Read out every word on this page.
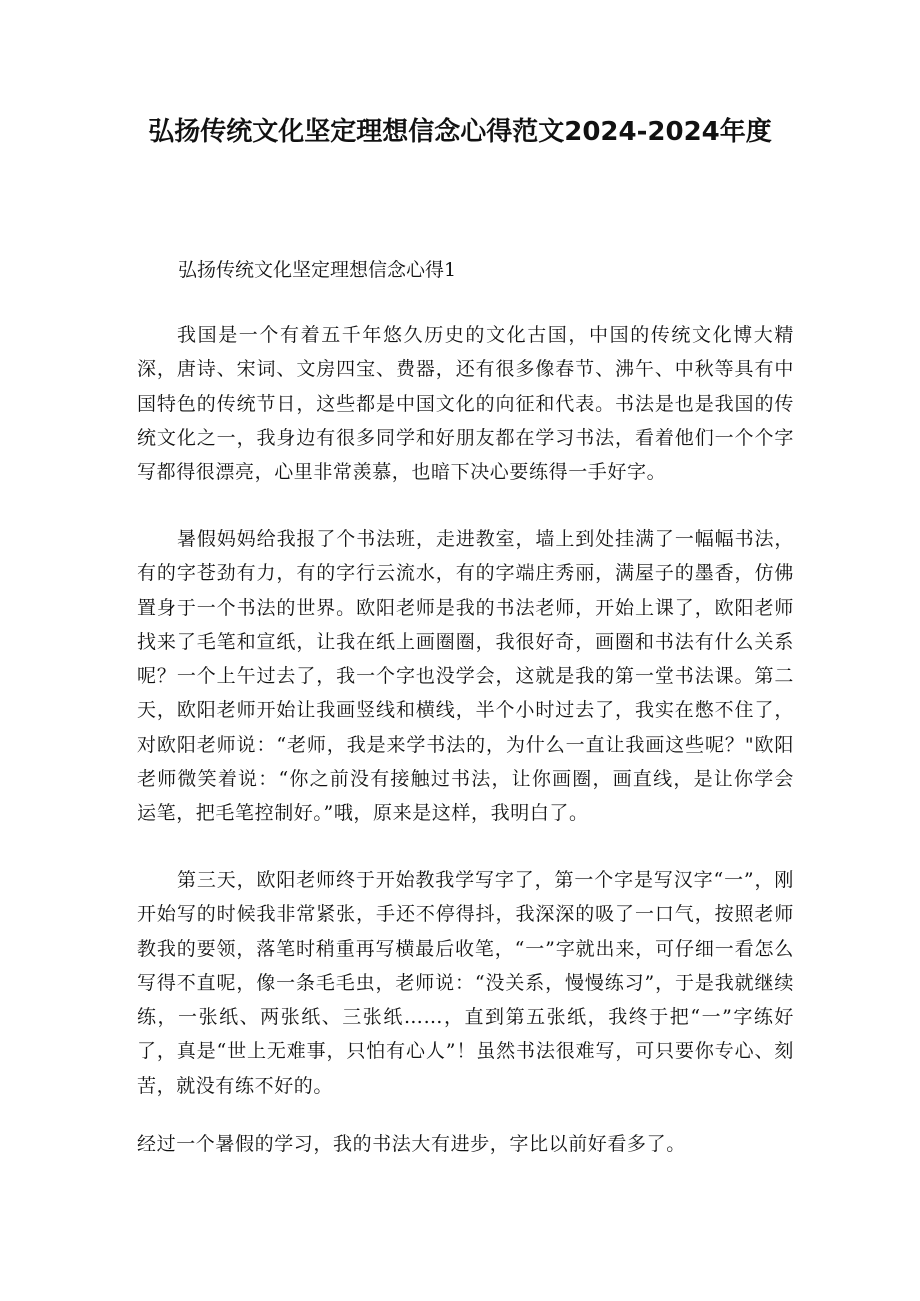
弘扬传统文化坚定理想信念心得范文2024-2024年度

弘扬传统文化坚定理想信念心得1

我国是一个有着五千年悠久历史的文化古国，中国的传统文化博大精深，唐诗、宋词、文房四宝、费器，还有很多像春节、沸午、中秋等具有中国特色的传统节日，这些都是中国文化的向征和代表。书法是也是我国的传统文化之一，我身边有很多同学和好朋友都在学习书法，看着他们一个个字写都得很漂亮，心里非常羡慕，也暗下决心要练得一手好字。

暑假妈妈给我报了个书法班，走进教室，墙上到处挂满了一幅幅书法，有的字苍劲有力，有的字行云流水，有的字端庄秀丽，满屋子的墨香，仿佛置身于一个书法的世界。欧阳老师是我的书法老师，开始上课了，欧阳老师找来了毛笔和宣纸，让我在纸上画圈圈，我很好奇，画圈和书法有什么关系呢？一个上午过去了，我一个字也没学会，这就是我的第一堂书法课。第二天，欧阳老师开始让我画竖线和横线，半个小时过去了，我实在憋不住了，对欧阳老师说：“老师，我是来学书法的，为什么一直让我画这些呢？"欧阳老师微笑着说：“你之前没有接触过书法，让你画圈，画直线，是让你学会运笔，把毛笔控制好。”哦，原来是这样，我明白了。

第三天，欧阳老师终于开始教我学写字了，第一个字是写汉字“一”，刚开始写的时候我非常紧张，手还不停得抖，我深深的吸了一口气，按照老师教我的要领，落笔时稍重再写横最后收笔，“一”字就出来，可仔细一看怎么写得不直呢，像一条毛毛虫，老师说：“没关系，慢慢练习”，于是我就继续练，一张纸、两张纸、三张纸……，直到第五张纸，我终于把“一”字练好了，真是“世上无难事，只怕有心人”！虽然书法很难写，可只要你专心、刻苦，就没有练不好的。

经过一个暑假的学习，我的书法大有进步，字比以前好看多了。
